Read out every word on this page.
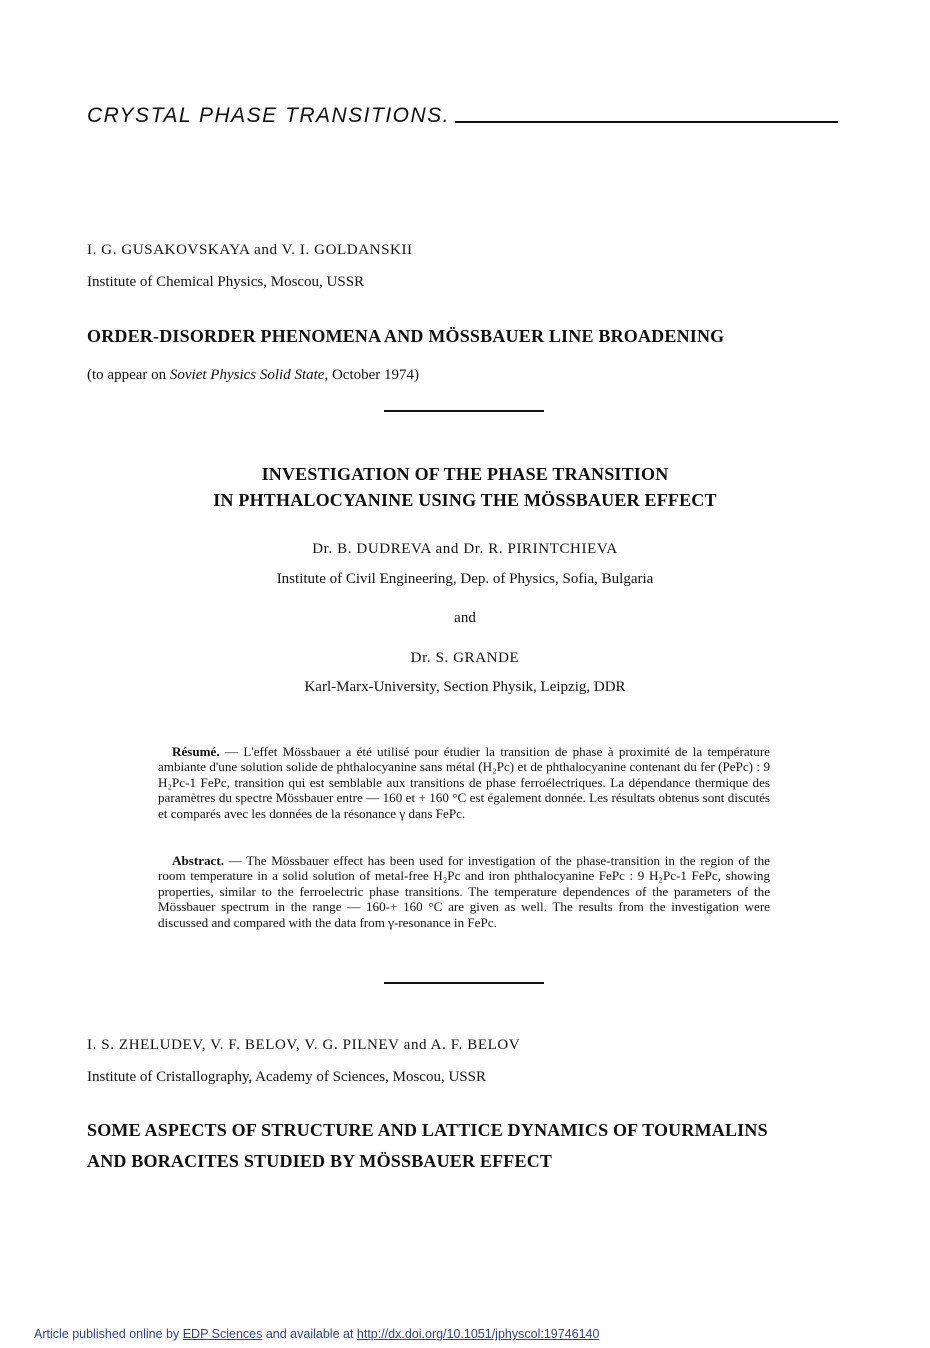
CRYSTAL PHASE TRANSITIONS.
I. G. GUSAKOVSKAYA and V. I. GOLDANSKII
Institute of Chemical Physics, Moscou, USSR
ORDER-DISORDER PHENOMENA AND MÖSSBAUER LINE BROADENING
(to appear on Soviet Physics Solid State, October 1974)
INVESTIGATION OF THE PHASE TRANSITION
IN PHTHALOCYANINE USING THE MÖSSBAUER EFFECT
Dr. B. DUDREVA and Dr. R. PIRINTCHIEVA
Institute of Civil Engineering, Dep. of Physics, Sofia, Bulgaria
and
Dr. S. GRANDE
Karl-Marx-University, Section Physik, Leipzig, DDR
Résumé. — L'effet Mössbauer a été utilisé pour étudier la transition de phase à proximité de la température ambiante d'une solution solide de phthalocyanine sans métal (H₂Pc) et de phthalocyanine contenant du fer (PePc) : 9 H₂Pc-1 FePc, transition qui est semblable aux transitions de phase ferroélectriques. La dépendance thermique des paramètres du spectre Mössbauer entre — 160 et + 160 °C est également donnée. Les résultats obtenus sont discutés et comparés avec les données de la résonance γ dans FePc.
Abstract. — The Mössbauer effect has been used for investigation of the phase-transition in the region of the room temperature in a solid solution of metal-free H₂Pc and iron phthalocyanine FePc : 9 H₂Pc-1 FePc, showing properties, similar to the ferroelectric phase transitions. The temperature dependences of the parameters of the Mössbauer spectrum in the range — 160-+ 160 °C are given as well. The results from the investigation were discussed and compared with the data from γ-resonance in FePc.
I. S. ZHELUDEV, V. F. BELOV, V. G. PILNEV and A. F. BELOV
Institute of Cristallography, Academy of Sciences, Moscou, USSR
SOME ASPECTS OF STRUCTURE AND LATTICE DYNAMICS OF TOURMALINS
AND BORACITES STUDIED BY MÖSSBAUER EFFECT
Article published online by EDP Sciences and available at http://dx.doi.org/10.1051/jphyscol:19746140
